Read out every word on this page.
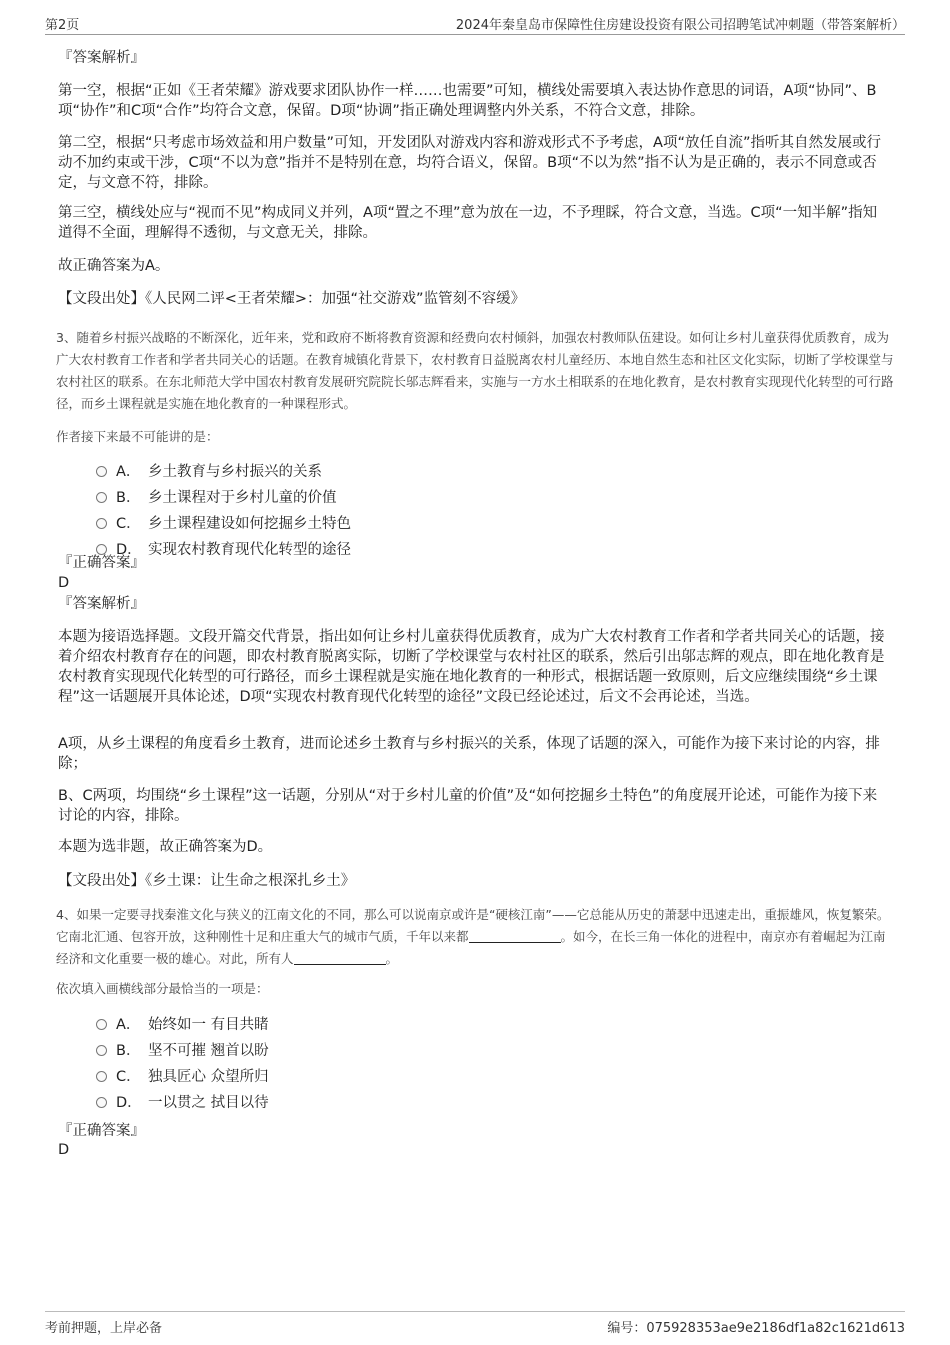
第2页	2024年秦皇岛市保障性住房建设投资有限公司招聘笔试冲刺题（带答案解析）
『答案解析』
第一空，根据“正如《王者荣耀》游戏要求团队协作一样……也需要”可知，横线处需要填入表达协作意思的词语，A项“协同”、B项“协作”和C项“合作”均符合文意，保留。D项“协调”指正确处理调整内外关系，不符合文意，排除。
第二空，根据“只考虑市场效益和用户数量”可知，开发团队对游戏内容和游戏形式不予考虑，A项“放任自流”指听其自然发展或行动不加约束或干涉，C项“不以为意”指并不是特别在意，均符合语义，保留。B项“不以为然”指不认为是正确的，表示不同意或否定，与文意不符，排除。
第三空，横线处应与“视而不见”构成同义并列，A项“置之不理”意为放在一边，不予理睬，符合文意，当选。C项“一知半解”指知道得不全面，理解得不透彻，与文意无关，排除。
故正确答案为A。
【文段出处】《人民网二评<王者荣耀>：加强“社交游戏”监管刻不容缓》
3、随着乡村振兴战略的不断深化，近年来，党和政府不断将教育资源和经费向农村倾斜，加强农村教师队伍建设。如何让乡村儿童获得优质教育，成为广大农村教育工作者和学者共同关心的话题。在教育城镇化背景下，农村教育日益脱离农村儿童经历、本地自然生态和社区文化实际，切断了学校课堂与农村社区的联系。在东北师范大学中国农村教育发展研究院院长邬志辉看来，实施与一方水土相联系的在地化教育，是农村教育实现现代化转型的可行路径，而乡土课程就是实施在地化教育的一种课程形式。
作者接下来最不可能讲的是：
A． 乡土教育与乡村振兴的关系
B． 乡土课程对于乡村儿童的价值
C． 乡土课程建设如何挖掘乡土特色
D． 实现农村教育现代化转型的途径
『正确答案』
D
『答案解析』
本题为接语选择题。文段开篇交代背景，指出如何让乡村儿童获得优质教育，成为广大农村教育工作者和学者共同关心的话题，接着介绍农村教育存在的问题，即农村教育脱离实际，切断了学校课堂与农村社区的联系，然后引出邬志辉的观点，即在地化教育是农村教育实现现代化转型的可行路径，而乡土课程就是实施在地化教育的一种形式，根据话题一致原则，后文应继续围绕“乡土课程”这一话题展开具体论述，D项“实现农村教育现代化转型的途径”文段已经论述过，后文不会再论述，当选。
A项，从乡土课程的角度看乡土教育，进而论述乡土教育与乡村振兴的关系，体现了话题的深入，可能作为接下来讨论的内容，排除；
B、C两项，均围绕“乡土课程”这一话题，分别从“对于乡村儿童的价值”及“如何挖掘乡土特色”的角度展开论述，可能作为接下来讨论的内容，排除。
本题为选非题，故正确答案为D。
【文段出处】《乡土课：让生命之根深扎乡土》
4、如果一定要寻找秦淮文化与狭义的江南文化的不同，那么可以说南京或许是“硬核江南”——它总能从历史的萧瑟中迅速走出，重振雄风，恢复繁荣。它南北汇通、包容开放，这种刚性十足和庄重大气的城市气质，千年以来都	。如今，在长三角一体化的进程中，南京亦有着崛起为江南经济和文化重要一极的雄心。对此，所有人	。
依次填入画横线部分最恰当的一项是：
A． 始终如一 有目共睹
B． 坚不可摧 翘首以盼
C． 独具匠心 众望所归
D． 一以贯之 拭目以待
『正确答案』
D
考前押题，上岸必备	编号：075928353ae9e2186df1a82c1621d613
